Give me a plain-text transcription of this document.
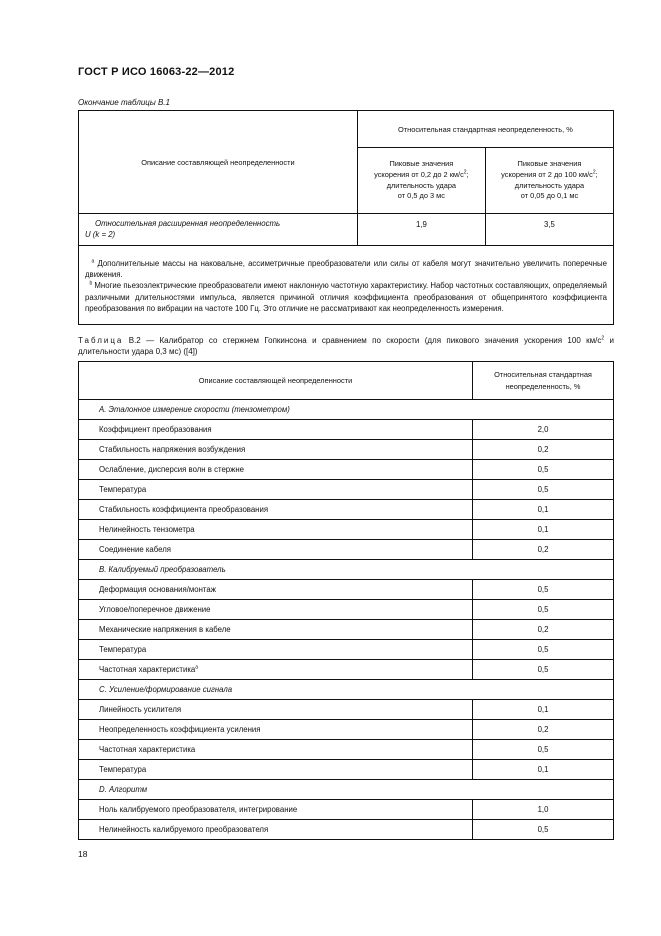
ГОСТ Р ИСО 16063-22—2012
Окончание таблицы В.1
Описание составляющей неопределенности	Относительная стандартная неопределенность, %	
	Пиковые значения
ускорения от 0,2 до 2 $км/с^2$;
длительность удара
от 0,5 до 3 мс	Пиковые значения
ускорения от 2 до 100 $км/с^2$;
длительность удара
от 0,05 до 0,1 мс

Относительная расширенная неопределенность
U (k = 2)	1,9	3,5

$^а$ Дополнительные массы на наковальне, ассиметричные преобразователи или силы от кабеля могут значительно увеличить поперечные движения.
$^b$ Многие пьезоэлектрические преобразователи имеют наклонную частотную характеристику. Набор частотных составляющих, определяемый различными длительностями импульса, является причиной отличия коэффициента преобразования от общепринятого коэффициента преобразования по вибрации на частоте 100 Гц. Это отличие не рассматривают как неопределенность измерения.		
Таблица В.2 — Калибратор со стержнем Гопкинсона и сравнением по скорости (для пикового значения ускорения 100 $км/с^2$ и длительности удара 0,3 мс) ([4])
Описание составляющей неопределенности	Относительная стандартная
неопределенность, %
А. Эталонное измерение скорости (тензометром)	
Коэффициент преобразования	2,0
Стабильность напряжения возбуждения	0,2
Ослабление, дисперсия волн в стержне	0,5
Температура	0,5
Стабильность коэффициента преобразования	0,1
Нелинейность тензометра	0,1
Соединение кабеля	0,2
В. Калибруемый преобразователь	
Деформация основания/монтаж	0,5
Угловое/поперечное движение	0,5
Механические напряжения в кабеле	0,2
Температура	0,5
Частотная характеристика$^а$	0,5
С. Усиление/формирование сигнала	
Линейность усилителя	0,1
Неопределенность коэффициента усиления	0,2
Частотная характеристика	0,5
Температура	0,1
D. Алгоритм	
Ноль калибруемого преобразователя, интегрирование	1,0
Нелинейность калибруемого преобразователя	0,5
18
